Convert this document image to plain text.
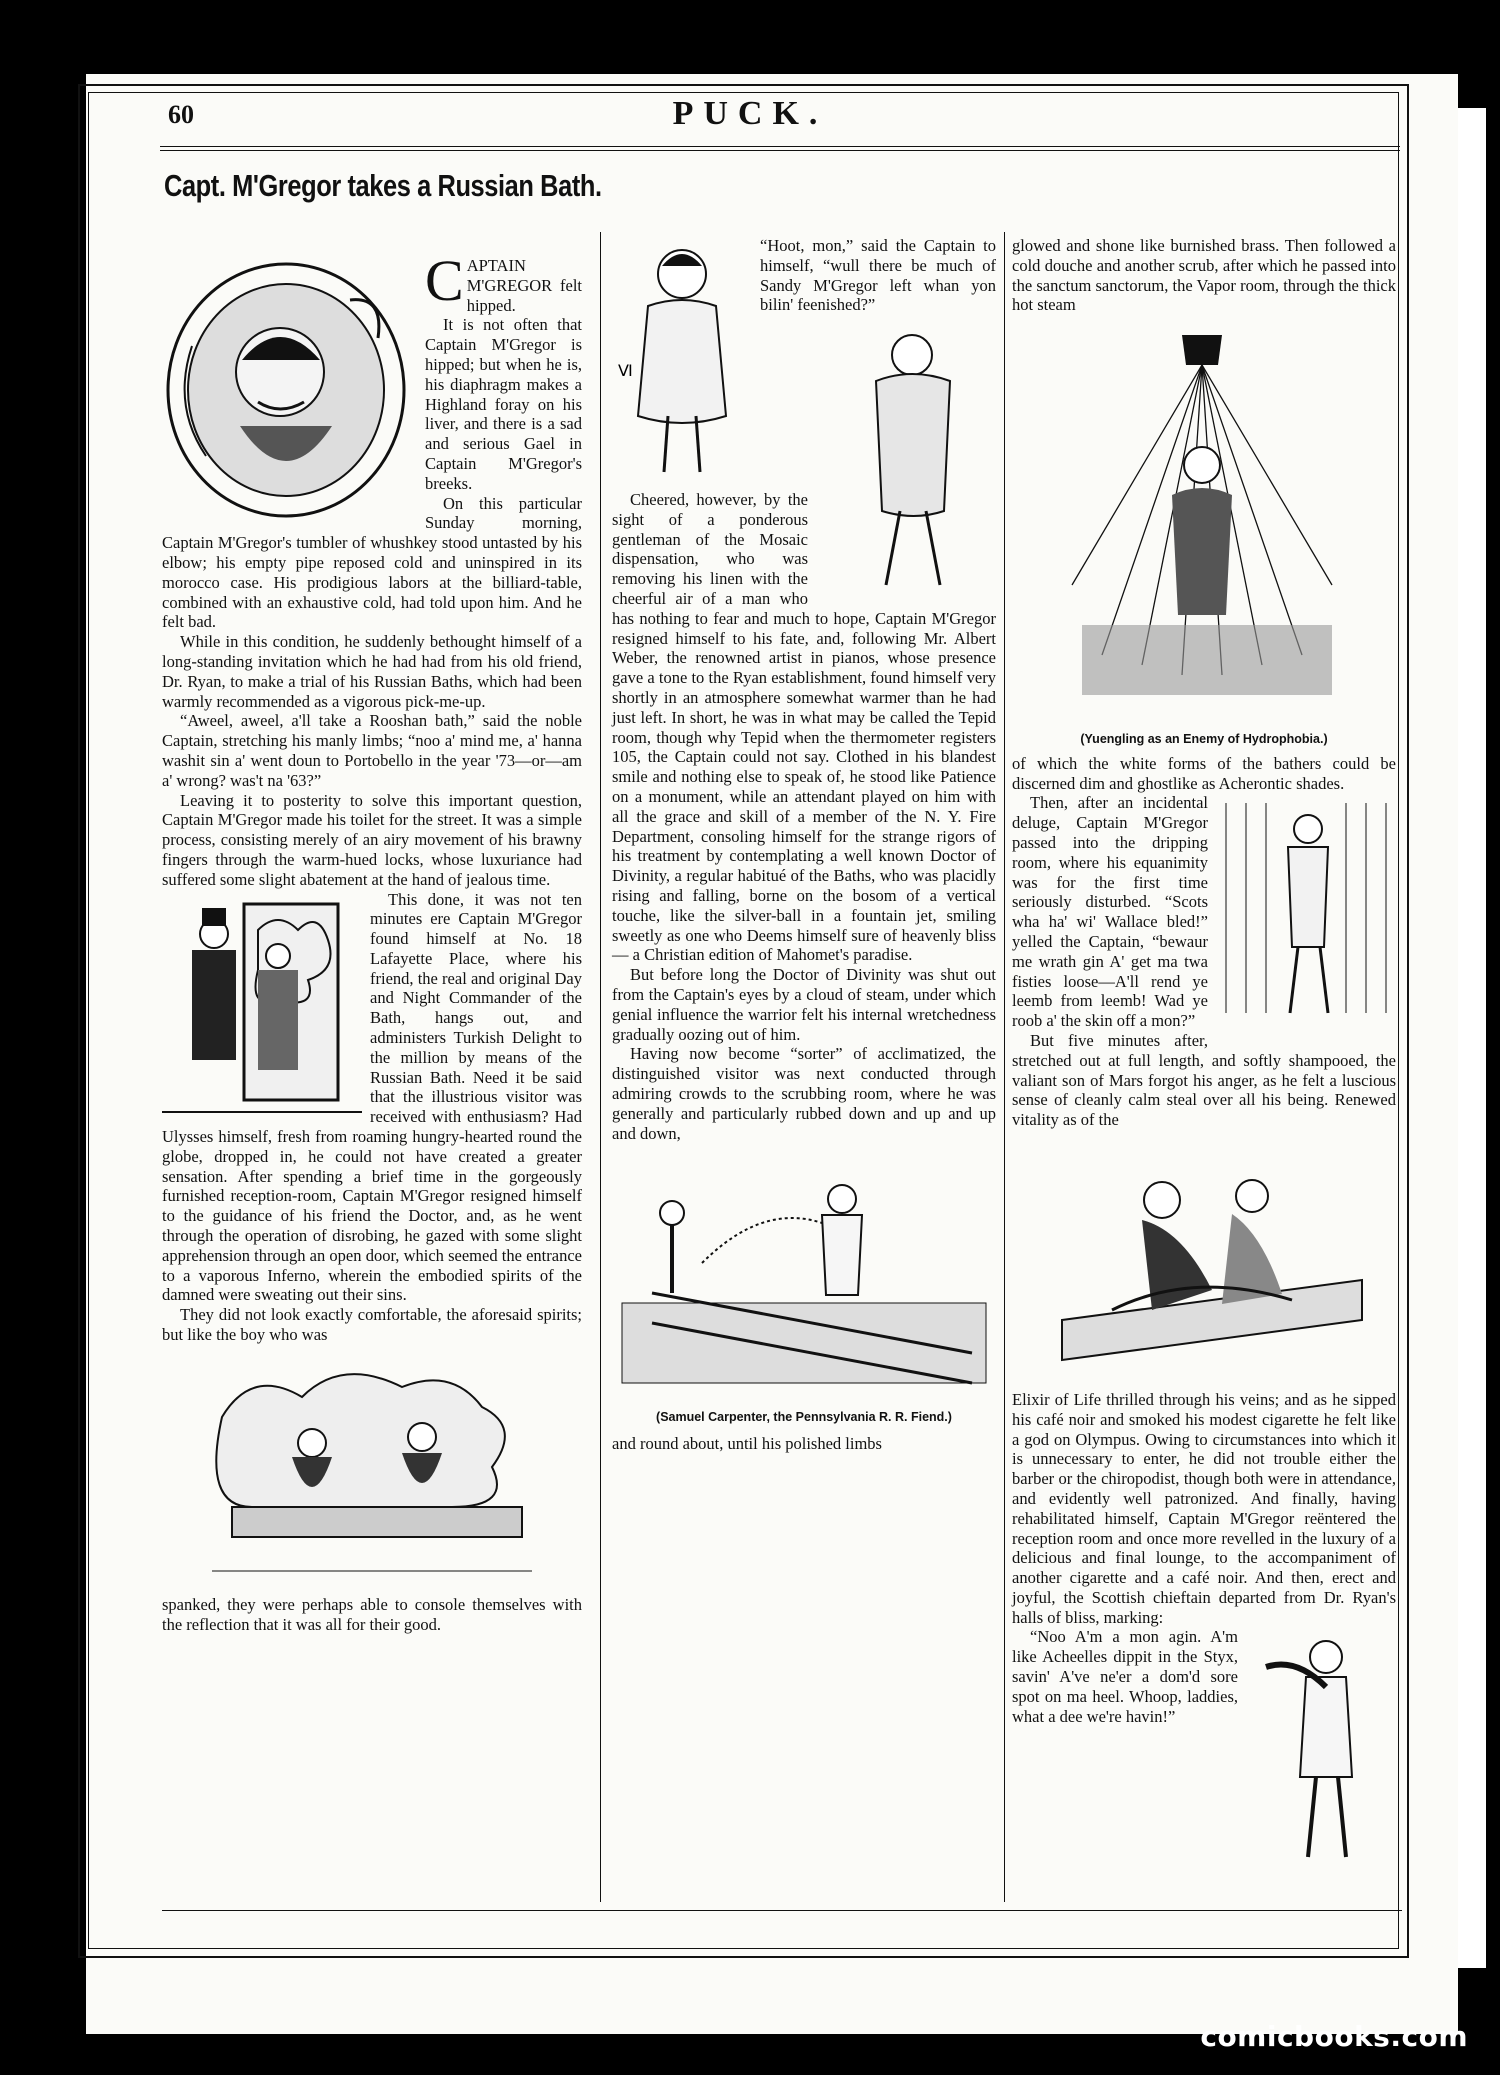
60	PUCK.
Capt. M'Gregor takes a Russian Bath.

CAPTAIN M'GREGOR felt hipped.

It is not often that Captain M'Gregor is hipped; but when he is, his diaphragm makes a Highland foray on his liver, and there is a sad and serious Gael in Captain M'Gregor's breeks.

On this particular Sunday morning, Captain M'Gregor's tumbler of whushkey stood untasted by his elbow; his empty pipe reposed cold and uninspired in its morocco case. His prodigious labors at the billiard-table, combined with an exhaustive cold, had told upon him. And he felt bad.

While in this condition, he suddenly bethought himself of a long-standing invitation which he had had from his old friend, Dr. Ryan, to make a trial of his Russian Baths, which had been warmly recommended as a vigorous pick-me-up.

“Aweel, aweel, a'll take a Rooshan bath,” said the noble Captain, stretching his manly limbs; “noo a' mind me, a' hanna washit sin a' went doun to Portobello in the year '73—or—am a' wrong? was't na '63?”

Leaving it to posterity to solve this important question, Captain M'Gregor made his toilet for the street. It was a simple process, consisting merely of an airy movement of his brawny fingers through the warm-hued locks, whose luxuriance had suffered some slight abatement at the hand of jealous time.

This done, it was not ten minutes ere Captain M'Gregor found himself at No. 18 Lafayette Place, where his friend, the real and original Day and Night Commander of the Bath, hangs out, and administers Turkish Delight to the million by means of the Russian Bath. Need it be said that the illustrious visitor was received with enthusiasm? Had Ulysses himself, fresh from roaming hungry-hearted round the globe, dropped in, he could not have created a greater sensation. After spending a brief time in the gorgeously furnished reception-room, Captain M'Gregor resigned himself to the guidance of his friend the Doctor, and, as he went through the operation of disrobing, he gazed with some slight apprehension through an open door, which seemed the entrance to a vaporous Inferno, wherein the embodied spirits of the damned were sweating out their sins.

They did not look exactly comfortable, the aforesaid spirits; but like the boy who was

spanked, they were perhaps able to console themselves with the reflection that it was all for their good.

Ⅵ

“Hoot, mon,” said the Captain to himself, “wull there be much of Sandy M'Gregor left whan yon bilin' feenished?”

Cheered, however, by the sight of a ponderous gentleman of the Mosaic dispensation, who was removing his linen with the cheerful air of a man who has nothing to fear and much to hope, Captain M'Gregor resigned himself to his fate, and, following Mr. Albert Weber, the renowned artist in pianos, whose presence gave a tone to the Ryan establishment, found himself very shortly in an atmosphere somewhat warmer than he had just left. In short, he was in what may be called the Tepid room, though why Tepid when the thermometer registers 105, the Captain could not say. Clothed in his blandest smile and nothing else to speak of, he stood like Patience on a monument, while an attendant played on him with all the grace and skill of a member of the N. Y. Fire Department, consoling himself for the strange rigors of his treatment by contemplating a well known Doctor of Divinity, a regular habitué of the Baths, who was placidly rising and falling, borne on the bosom of a vertical touche, like the silver-ball in a fountain jet, smiling sweetly as one who Deems himself sure of heavenly bliss — a Christian edition of Mahomet's paradise.

But before long the Doctor of Divinity was shut out from the Captain's eyes by a cloud of steam, under which genial influence the warrior felt his internal wretchedness gradually oozing out of him.

Having now become “sorter” of acclimatized, the distinguished visitor was next conducted through admiring crowds to the scrubbing room, where he was generally and particularly rubbed down and up and up and down,

(Samuel Carpenter, the Pennsylvania R. R. Fiend.)

and round about, until his polished limbs

glowed and shone like burnished brass. Then followed a cold douche and another scrub, after which he passed into the sanctum sanctorum, the Vapor room, through the thick hot steam

(Yuengling as an Enemy of Hydrophobia.)

of which the white forms of the bathers could be discerned dim and ghostlike as Acherontic shades.

Then, after an incidental deluge, Captain M'Gregor passed into the dripping room, where his equanimity was for the first time seriously disturbed. “Scots wha ha' wi' Wallace bled!” yelled the Captain, “bewaur me wrath gin A' get ma twa fisties loose—A'll rend ye leemb from leemb! Wad ye roob a' the skin off a mon?”

But five minutes after, stretched out at full length, and softly shampooed, the valiant son of Mars forgot his anger, as he felt a luscious sense of cleanly calm steal over all his being. Renewed vitality as of the

Elixir of Life thrilled through his veins; and as he sipped his café noir and smoked his modest cigarette he felt like a god on Olympus. Owing to circumstances into which it is unnecessary to enter, he did not trouble either the barber or the chiropodist, though both were in attendance, and evidently well patronized. And finally, having rehabilitated himself, Captain M'Gregor reëntered the reception room and once more revelled in the luxury of a delicious and final lounge, to the accompaniment of another cigarette and a café noir. And then, erect and joyful, the Scottish chieftain departed from Dr. Ryan's halls of bliss, marking:

“Noo A'm a mon agin. A'm like Acheelles dippit in the Styx, savin' A've ne'er a dom'd sore spot on ma heel. Whoop, laddies, what a dee we're havin!”

comicbooks.com
